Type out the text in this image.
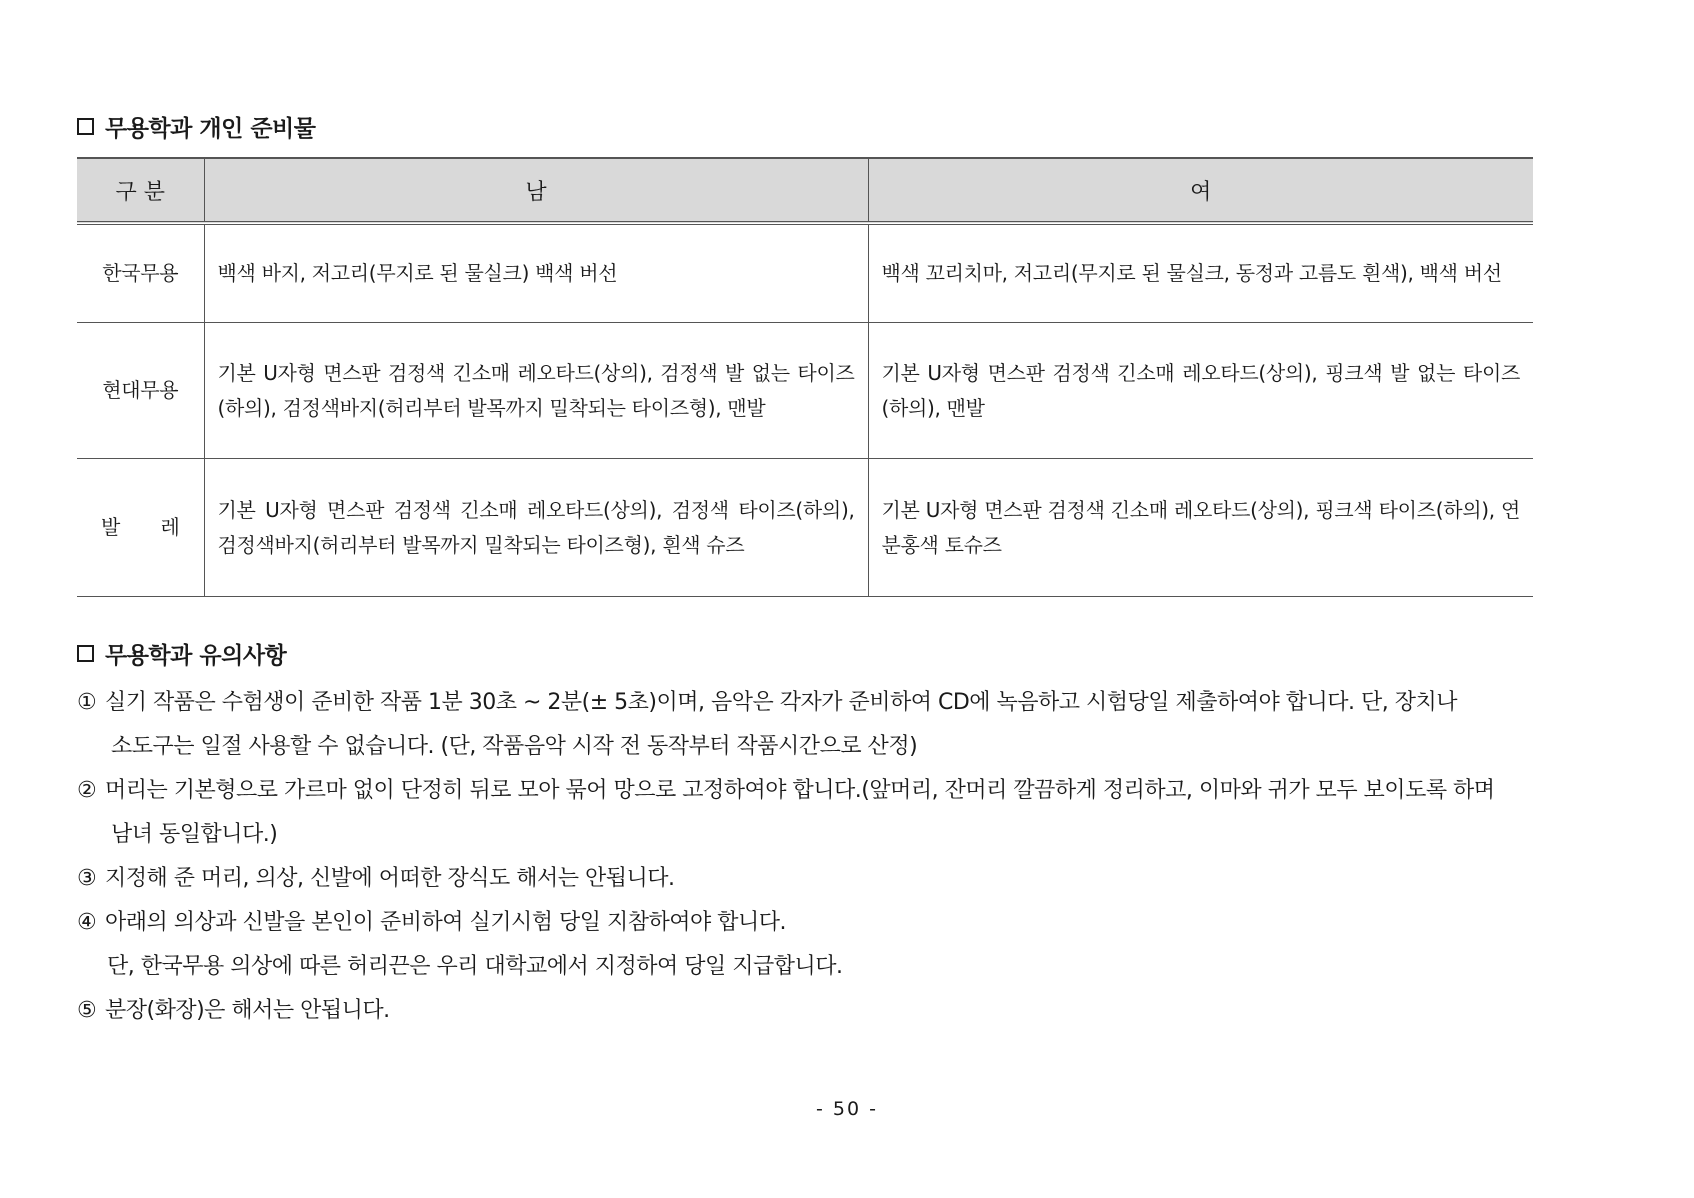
무용학과 개인 준비물
구 분	남	여
한국무용	백색 바지, 저고리(무지로 된 물실크) 백색 버선	백색 꼬리치마, 저고리(무지로 된 물실크, 동정과 고름도 흰색), 백색 버선
현대무용	기본 U자형 면스판 검정색 긴소매 레오타드(상의), 검정색 발 없는 타이즈(하의), 검정색바지(허리부터 발목까지 밀착되는 타이즈형), 맨발	기본 U자형 면스판 검정색 긴소매 레오타드(상의), 핑크색 발 없는 타이즈(하의), 맨발
발 레	기본 U자형 면스판 검정색 긴소매 레오타드(상의), 검정색 타이즈(하의), 검정색바지(허리부터 발목까지 밀착되는 타이즈형), 흰색 슈즈	기본 U자형 면스판 검정색 긴소매 레오타드(상의), 핑크색 타이즈(하의), 연분홍색 토슈즈
무용학과 유의사항
① 실기 작품은 수험생이 준비한 작품 1분 30초 ~ 2분(± 5초)이며, 음악은 각자가 준비하여 CD에 녹음하고 시험당일 제출하여야 합니다. 단, 장치나
소도구는 일절 사용할 수 없습니다. (단, 작품음악 시작 전 동작부터 작품시간으로 산정)
② 머리는 기본형으로 가르마 없이 단정히 뒤로 모아 묶어 망으로 고정하여야 합니다.(앞머리, 잔머리 깔끔하게 정리하고, 이마와 귀가 모두 보이도록 하며
남녀 동일합니다.)
③ 지정해 준 머리, 의상, 신발에 어떠한 장식도 해서는 안됩니다.
④ 아래의 의상과 신발을 본인이 준비하여 실기시험 당일 지참하여야 합니다.
단, 한국무용 의상에 따른 허리끈은 우리 대학교에서 지정하여 당일 지급합니다.
⑤ 분장(화장)은 해서는 안됩니다.
- 50 -
